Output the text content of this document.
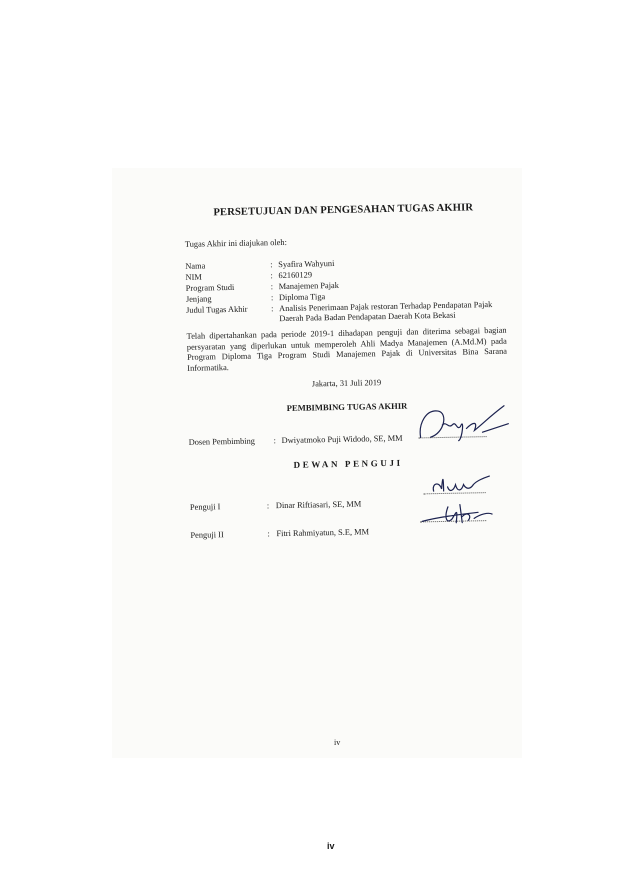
PERSETUJUAN DAN PENGESAHAN TUGAS AKHIR
Tugas Akhir ini diajukan oleh:
Nama	: Syafira Wahyuni
NIM	: 62160129
Program Studi	: Manajemen Pajak
Jenjang	: Diploma Tiga
Judul Tugas Akhir	: Analisis Penerimaan Pajak restoran Terhadap Pendapatan Pajak Daerah Pada Badan Pendapatan Daerah Kota Bekasi
Telah dipertahankan pada periode 2019-1 dihadapan penguji dan diterima sebagai bagian persyaratan yang diperlukan untuk memperoleh Ahli Madya Manajemen (A.Md.M) pada Program Diploma Tiga Program Studi Manajemen Pajak di Universitas Bina Sarana Informatika.
Jakarta, 31 Juli 2019
PEMBIMBING TUGAS AKHIR
Dosen Pembimbing : Dwiyatmoko Puji Widodo, SE, MM
DEWAN PENGUJI
Penguji I	: Dinar Riftiasari, SE, MM
Penguji II	: Fitri Rahmiyatun, S.E, MM
iv
iv
